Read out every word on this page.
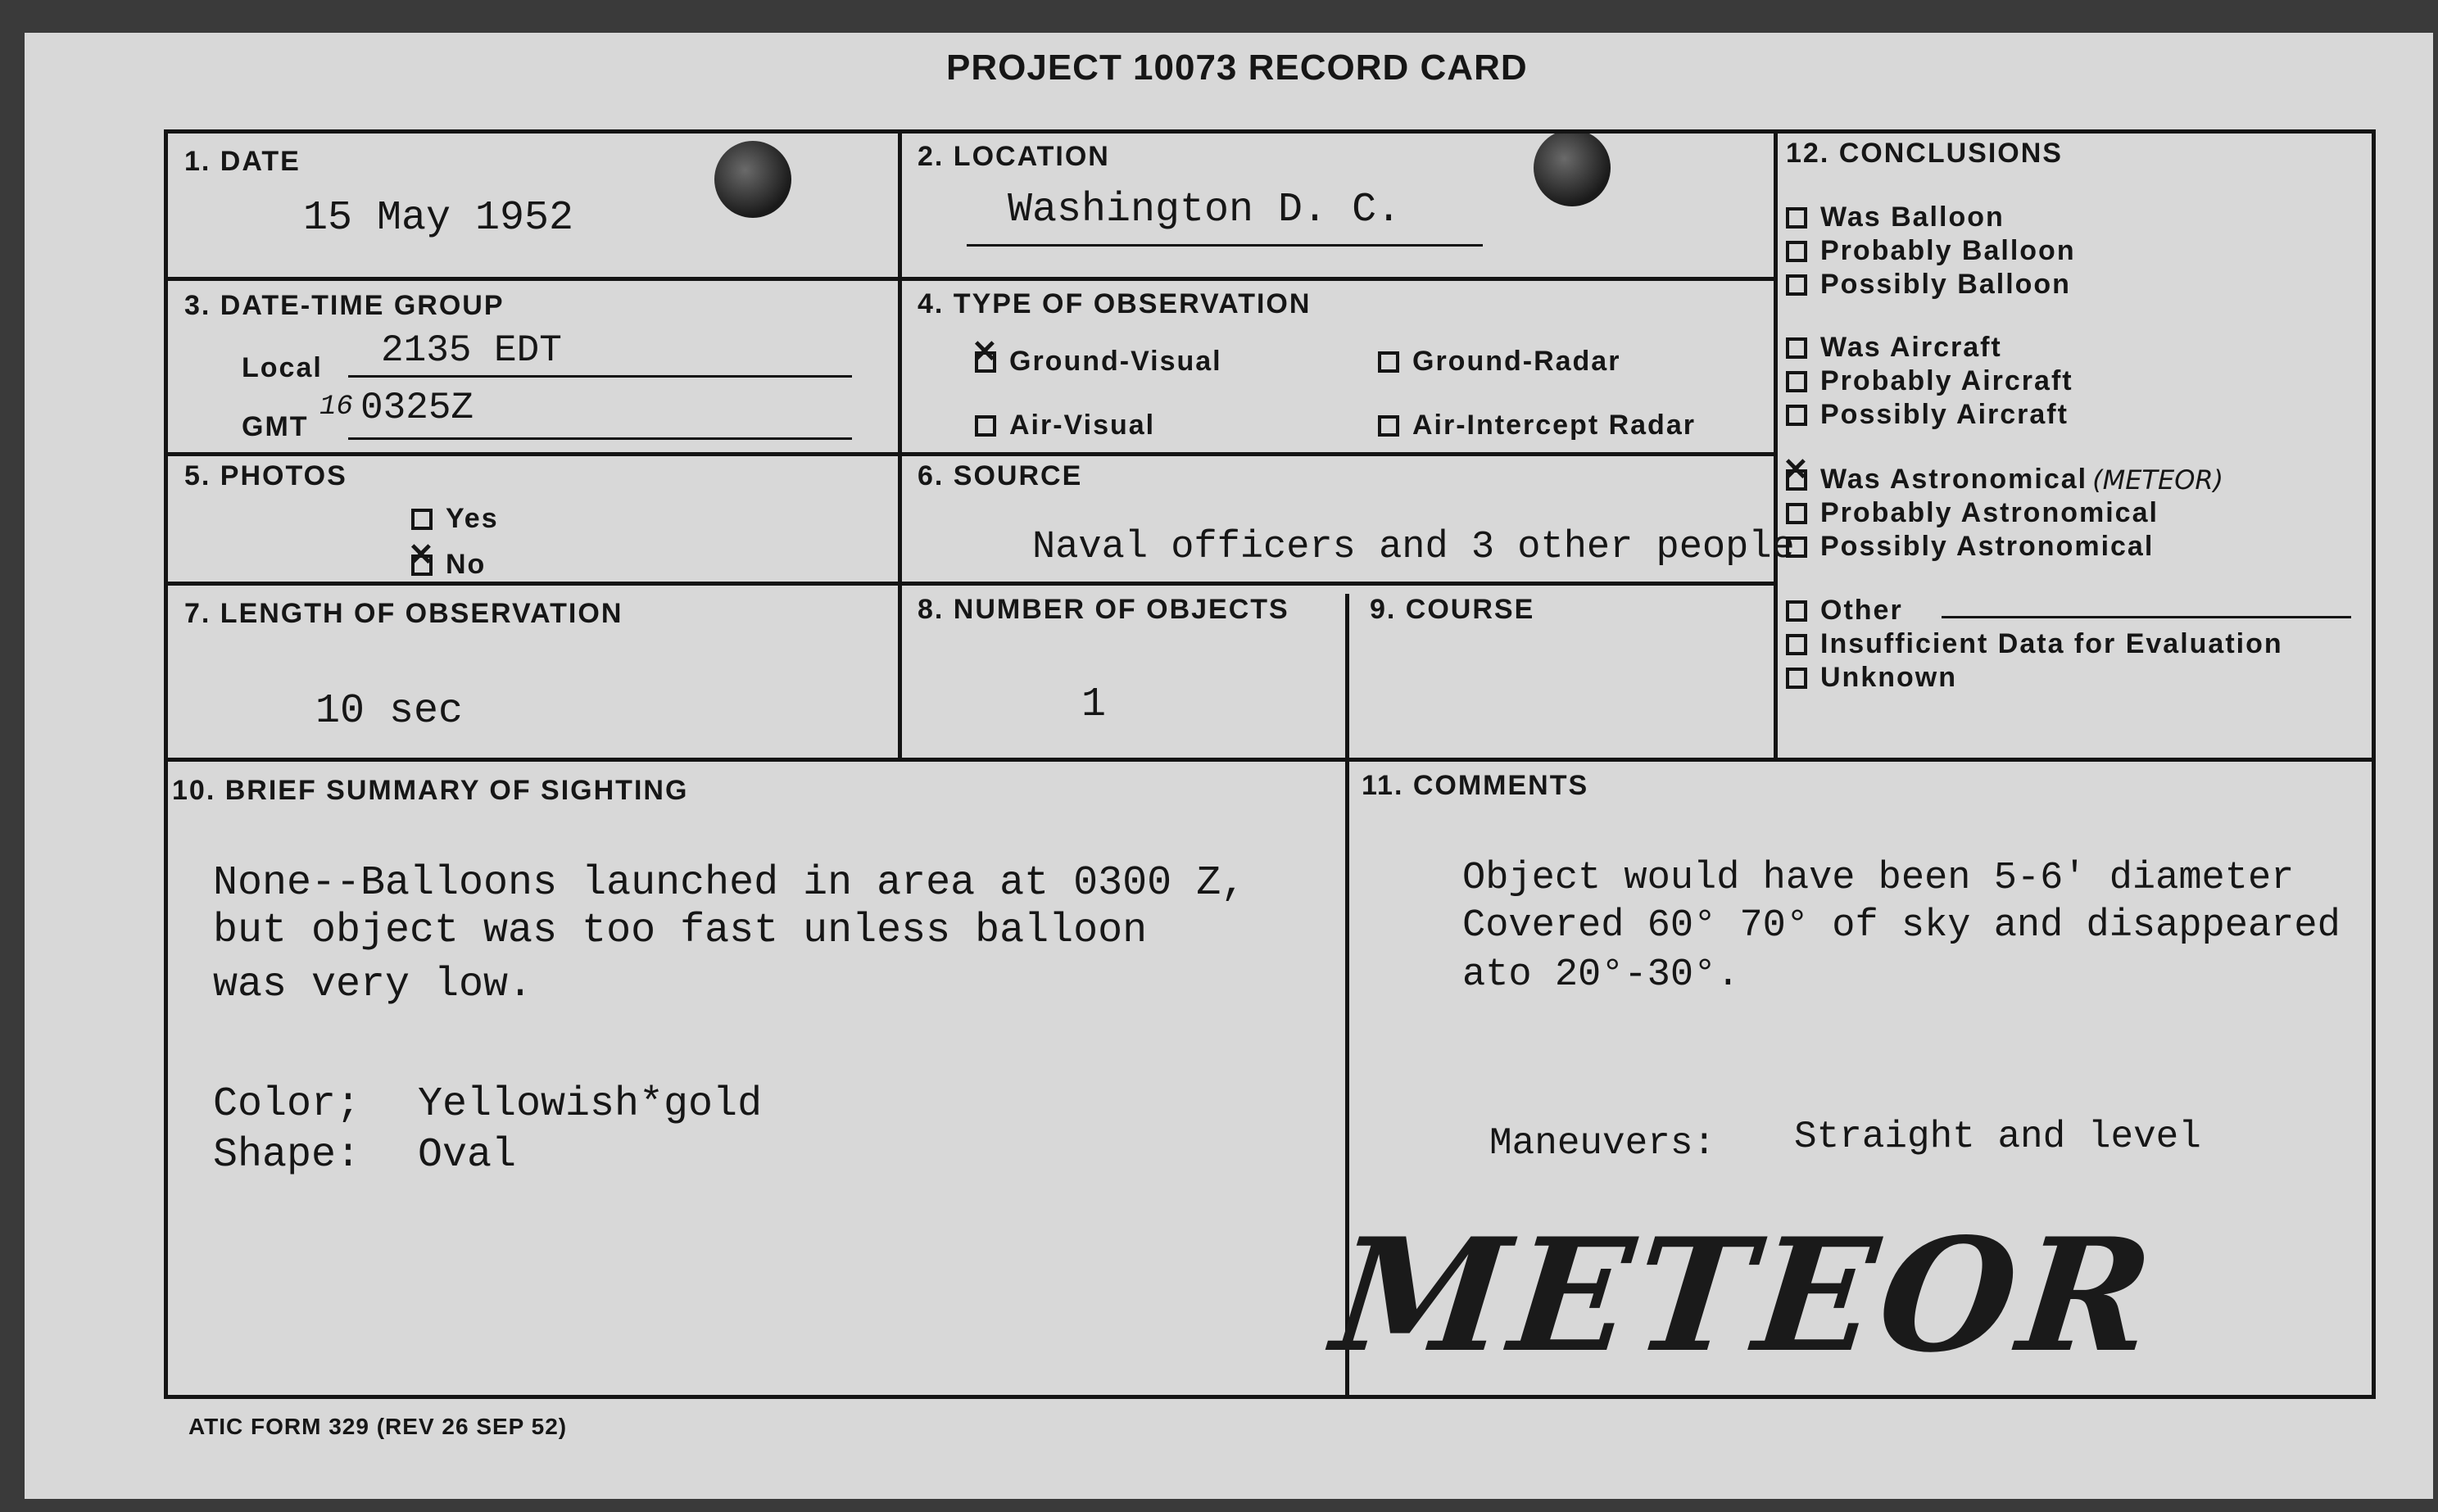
PROJECT 10073 RECORD CARD
1. DATE
15 May 1952
2. LOCATION
Washington D. C.
3. DATE-TIME GROUP
Local 2135 EDT
GMT
16 0325Z
4. TYPE OF OBSERVATION
✕
Ground-Visual	Ground-Radar
Air-Visual	Air-Intercept Radar
5. PHOTOS
Yes
✕
No
6. SOURCE
Naval officers and 3 other people
7. LENGTH OF OBSERVATION
10 sec
8. NUMBER OF OBJECTS
1
9. COURSE
12. CONCLUSIONS
Was Balloon
Probably Balloon
Possibly Balloon
Was Aircraft
Probably Aircraft
Possibly Aircraft
✕
Was Astronomical (METEOR)
Probably Astronomical
Possibly Astronomical
Other
Insufficient Data for Evaluation
Unknown
10. BRIEF SUMMARY OF SIGHTING
None--Balloons launched in area at 0300 Z,
but object was too fast unless balloon
was very low.
Color; Yellowish*gold
Shape: Oval
11. COMMENTS
Object would have been 5-6' diameter
Covered 60° 70° of sky and disappeared
ato 20°-30°.
Maneuvers: Straight and level
METEOR
ATIC FORM 329 (REV 26 SEP 52)
